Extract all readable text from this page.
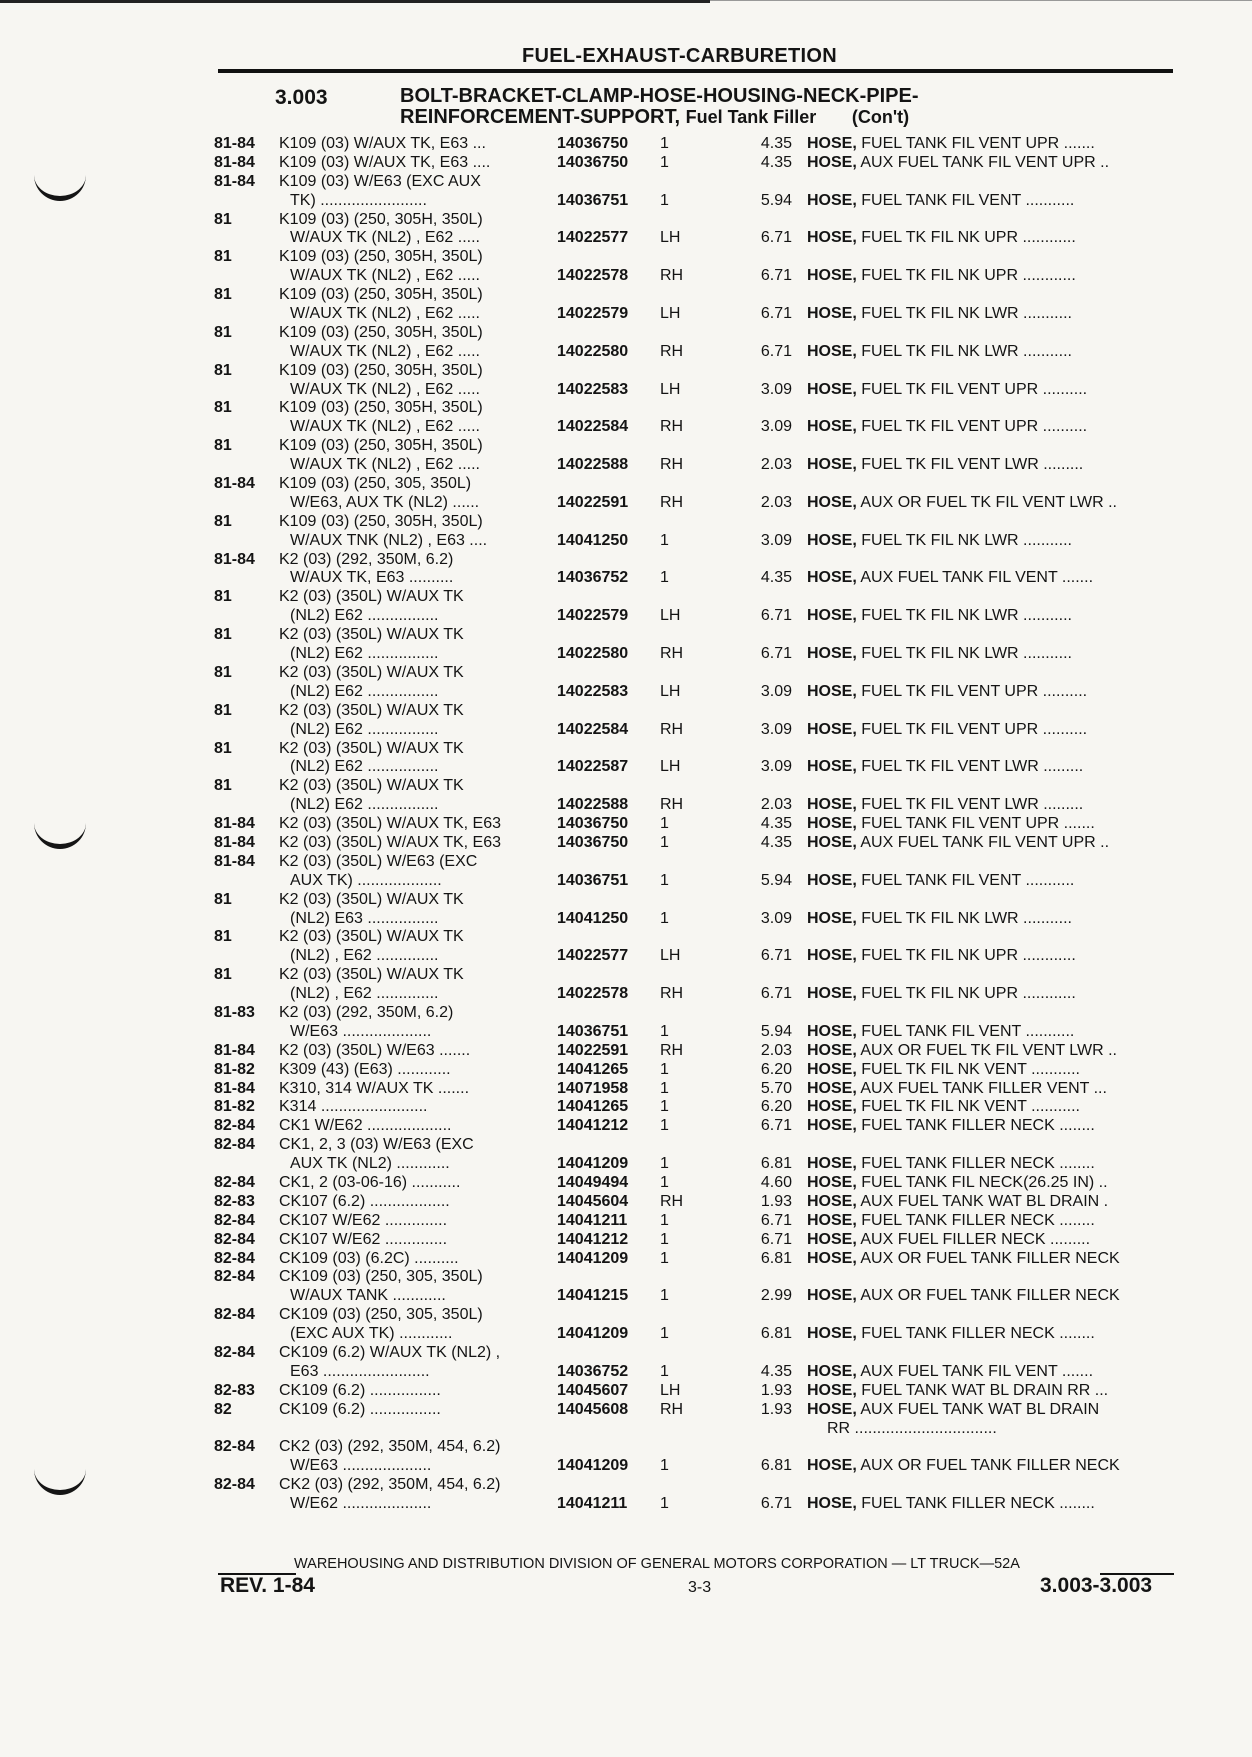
FUEL-EXHAUST-CARBURETION
3.003	BOLT-BRACKET-CLAMP-HOSE-HOUSING-NECK-PIPE-
REINFORCEMENT-SUPPORT, Fuel Tank Filler (Con't)
81-84 K109 (03) W/AUX TK, E63 ...	14036750 1	4.35 HOSE, FUEL TANK FIL VENT UPR .......
81-84 K109 (03) W/AUX TK, E63 ....	14036750 1	4.35 HOSE, AUX FUEL TANK FIL VENT UPR ..
81-84 K109 (03) W/E63 (EXC AUX
TK) ........................	14036751 1	5.94 HOSE, FUEL TANK FIL VENT ...........
81	K109 (03) (250, 305H, 350L)
W/AUX TK (NL2) , E62 .....	14022577 LH	6.71 HOSE, FUEL TK FIL NK UPR ............
81	K109 (03) (250, 305H, 350L)
W/AUX TK (NL2) , E62 .....	14022578 RH	6.71 HOSE, FUEL TK FIL NK UPR ............
81	K109 (03) (250, 305H, 350L)
W/AUX TK (NL2) , E62 .....	14022579 LH	6.71 HOSE, FUEL TK FIL NK LWR ...........
81	K109 (03) (250, 305H, 350L)
W/AUX TK (NL2) , E62 .....	14022580 RH	6.71 HOSE, FUEL TK FIL NK LWR ...........
81	K109 (03) (250, 305H, 350L)
W/AUX TK (NL2) , E62 .....	14022583 LH	3.09 HOSE, FUEL TK FIL VENT UPR ..........
81	K109 (03) (250, 305H, 350L)
W/AUX TK (NL2) , E62 .....	14022584 RH	3.09 HOSE, FUEL TK FIL VENT UPR ..........
81	K109 (03) (250, 305H, 350L)
W/AUX TK (NL2) , E62 .....	14022588 RH	2.03 HOSE, FUEL TK FIL VENT LWR .........
81-84 K109 (03) (250, 305, 350L)
W/E63, AUX TK (NL2) ......	14022591 RH	2.03 HOSE, AUX OR FUEL TK FIL VENT LWR ..
81	K109 (03) (250, 305H, 350L)
W/AUX TNK (NL2) , E63 ....	14041250 1	3.09 HOSE, FUEL TK FIL NK LWR ...........
81-84 K2 (03) (292, 350M, 6.2)
W/AUX TK, E63 ..........	14036752 1	4.35 HOSE, AUX FUEL TANK FIL VENT .......
81	K2 (03) (350L) W/AUX TK
(NL2) E62 ................	14022579 LH	6.71 HOSE, FUEL TK FIL NK LWR ...........
81	K2 (03) (350L) W/AUX TK
(NL2) E62 ................	14022580 RH	6.71 HOSE, FUEL TK FIL NK LWR ...........
81	K2 (03) (350L) W/AUX TK
(NL2) E62 ................	14022583 LH	3.09 HOSE, FUEL TK FIL VENT UPR ..........
81	K2 (03) (350L) W/AUX TK
(NL2) E62 ................	14022584 RH	3.09 HOSE, FUEL TK FIL VENT UPR ..........
81	K2 (03) (350L) W/AUX TK
(NL2) E62 ................	14022587 LH	3.09 HOSE, FUEL TK FIL VENT LWR .........
81	K2 (03) (350L) W/AUX TK
(NL2) E62 ................	14022588 RH	2.03 HOSE, FUEL TK FIL VENT LWR .........
81-84 K2 (03) (350L) W/AUX TK, E63	14036750 1	4.35 HOSE, FUEL TANK FIL VENT UPR .......
81-84 K2 (03) (350L) W/AUX TK, E63	14036750 1	4.35 HOSE, AUX FUEL TANK FIL VENT UPR ..
81-84 K2 (03) (350L) W/E63 (EXC
AUX TK) ...................	14036751 1	5.94 HOSE, FUEL TANK FIL VENT ...........
81	K2 (03) (350L) W/AUX TK
(NL2) E63 ................	14041250 1	3.09 HOSE, FUEL TK FIL NK LWR ...........
81	K2 (03) (350L) W/AUX TK
(NL2) , E62 ..............	14022577 LH	6.71 HOSE, FUEL TK FIL NK UPR ............
81	K2 (03) (350L) W/AUX TK
(NL2) , E62 ..............	14022578 RH	6.71 HOSE, FUEL TK FIL NK UPR ............
81-83 K2 (03) (292, 350M, 6.2)
W/E63 ....................	14036751 1	5.94 HOSE, FUEL TANK FIL VENT ...........
81-84 K2 (03) (350L) W/E63 .......	14022591 RH	2.03 HOSE, AUX OR FUEL TK FIL VENT LWR ..
81-82 K309 (43) (E63) ............	14041265 1	6.20 HOSE, FUEL TK FIL NK VENT ...........
81-84 K310, 314 W/AUX TK .......	14071958 1	5.70 HOSE, AUX FUEL TANK FILLER VENT ...
81-82 K314 ........................	14041265 1	6.20 HOSE, FUEL TK FIL NK VENT ...........
82-84 CK1 W/E62 ...................	14041212 1	6.71 HOSE, FUEL TANK FILLER NECK ........
82-84 CK1, 2, 3 (03) W/E63 (EXC
AUX TK (NL2) ............	14041209 1	6.81 HOSE, FUEL TANK FILLER NECK ........
82-84 CK1, 2 (03-06-16) ...........	14049494 1	4.60 HOSE, FUEL TANK FIL NECK(26.25 IN) ..
82-83 CK107 (6.2) ..................	14045604 RH	1.93 HOSE, AUX FUEL TANK WAT BL DRAIN .
82-84 CK107 W/E62 ..............	14041211 1	6.71 HOSE, FUEL TANK FILLER NECK ........
82-84 CK107 W/E62 ..............	14041212 1	6.71 HOSE, AUX FUEL FILLER NECK .........
82-84 CK109 (03) (6.2C) ..........	14041209 1	6.81 HOSE, AUX OR FUEL TANK FILLER NECK
82-84 CK109 (03) (250, 305, 350L)
W/AUX TANK ............	14041215 1	2.99 HOSE, AUX OR FUEL TANK FILLER NECK
82-84 CK109 (03) (250, 305, 350L)
(EXC AUX TK) ............	14041209 1	6.81 HOSE, FUEL TANK FILLER NECK ........
82-84 CK109 (6.2) W/AUX TK (NL2) ,
E63 ........................	14036752 1	4.35 HOSE, AUX FUEL TANK FIL VENT .......
82-83 CK109 (6.2) ................	14045607 LH	1.93 HOSE, FUEL TANK WAT BL DRAIN RR ...
82	CK109 (6.2) ................	14045608 RH	1.93 HOSE, AUX FUEL TANK WAT BL DRAIN
RR ................................
82-84 CK2 (03) (292, 350M, 454, 6.2)
W/E63 ....................	14041209 1	6.81 HOSE, AUX OR FUEL TANK FILLER NECK
82-84 CK2 (03) (292, 350M, 454, 6.2)
W/E62 ....................	14041211 1	6.71 HOSE, FUEL TANK FILLER NECK ........
WAREHOUSING AND DISTRIBUTION DIVISION OF GENERAL MOTORS CORPORATION — LT TRUCK—52A
REV. 1-84	3-3	3.003-3.003
